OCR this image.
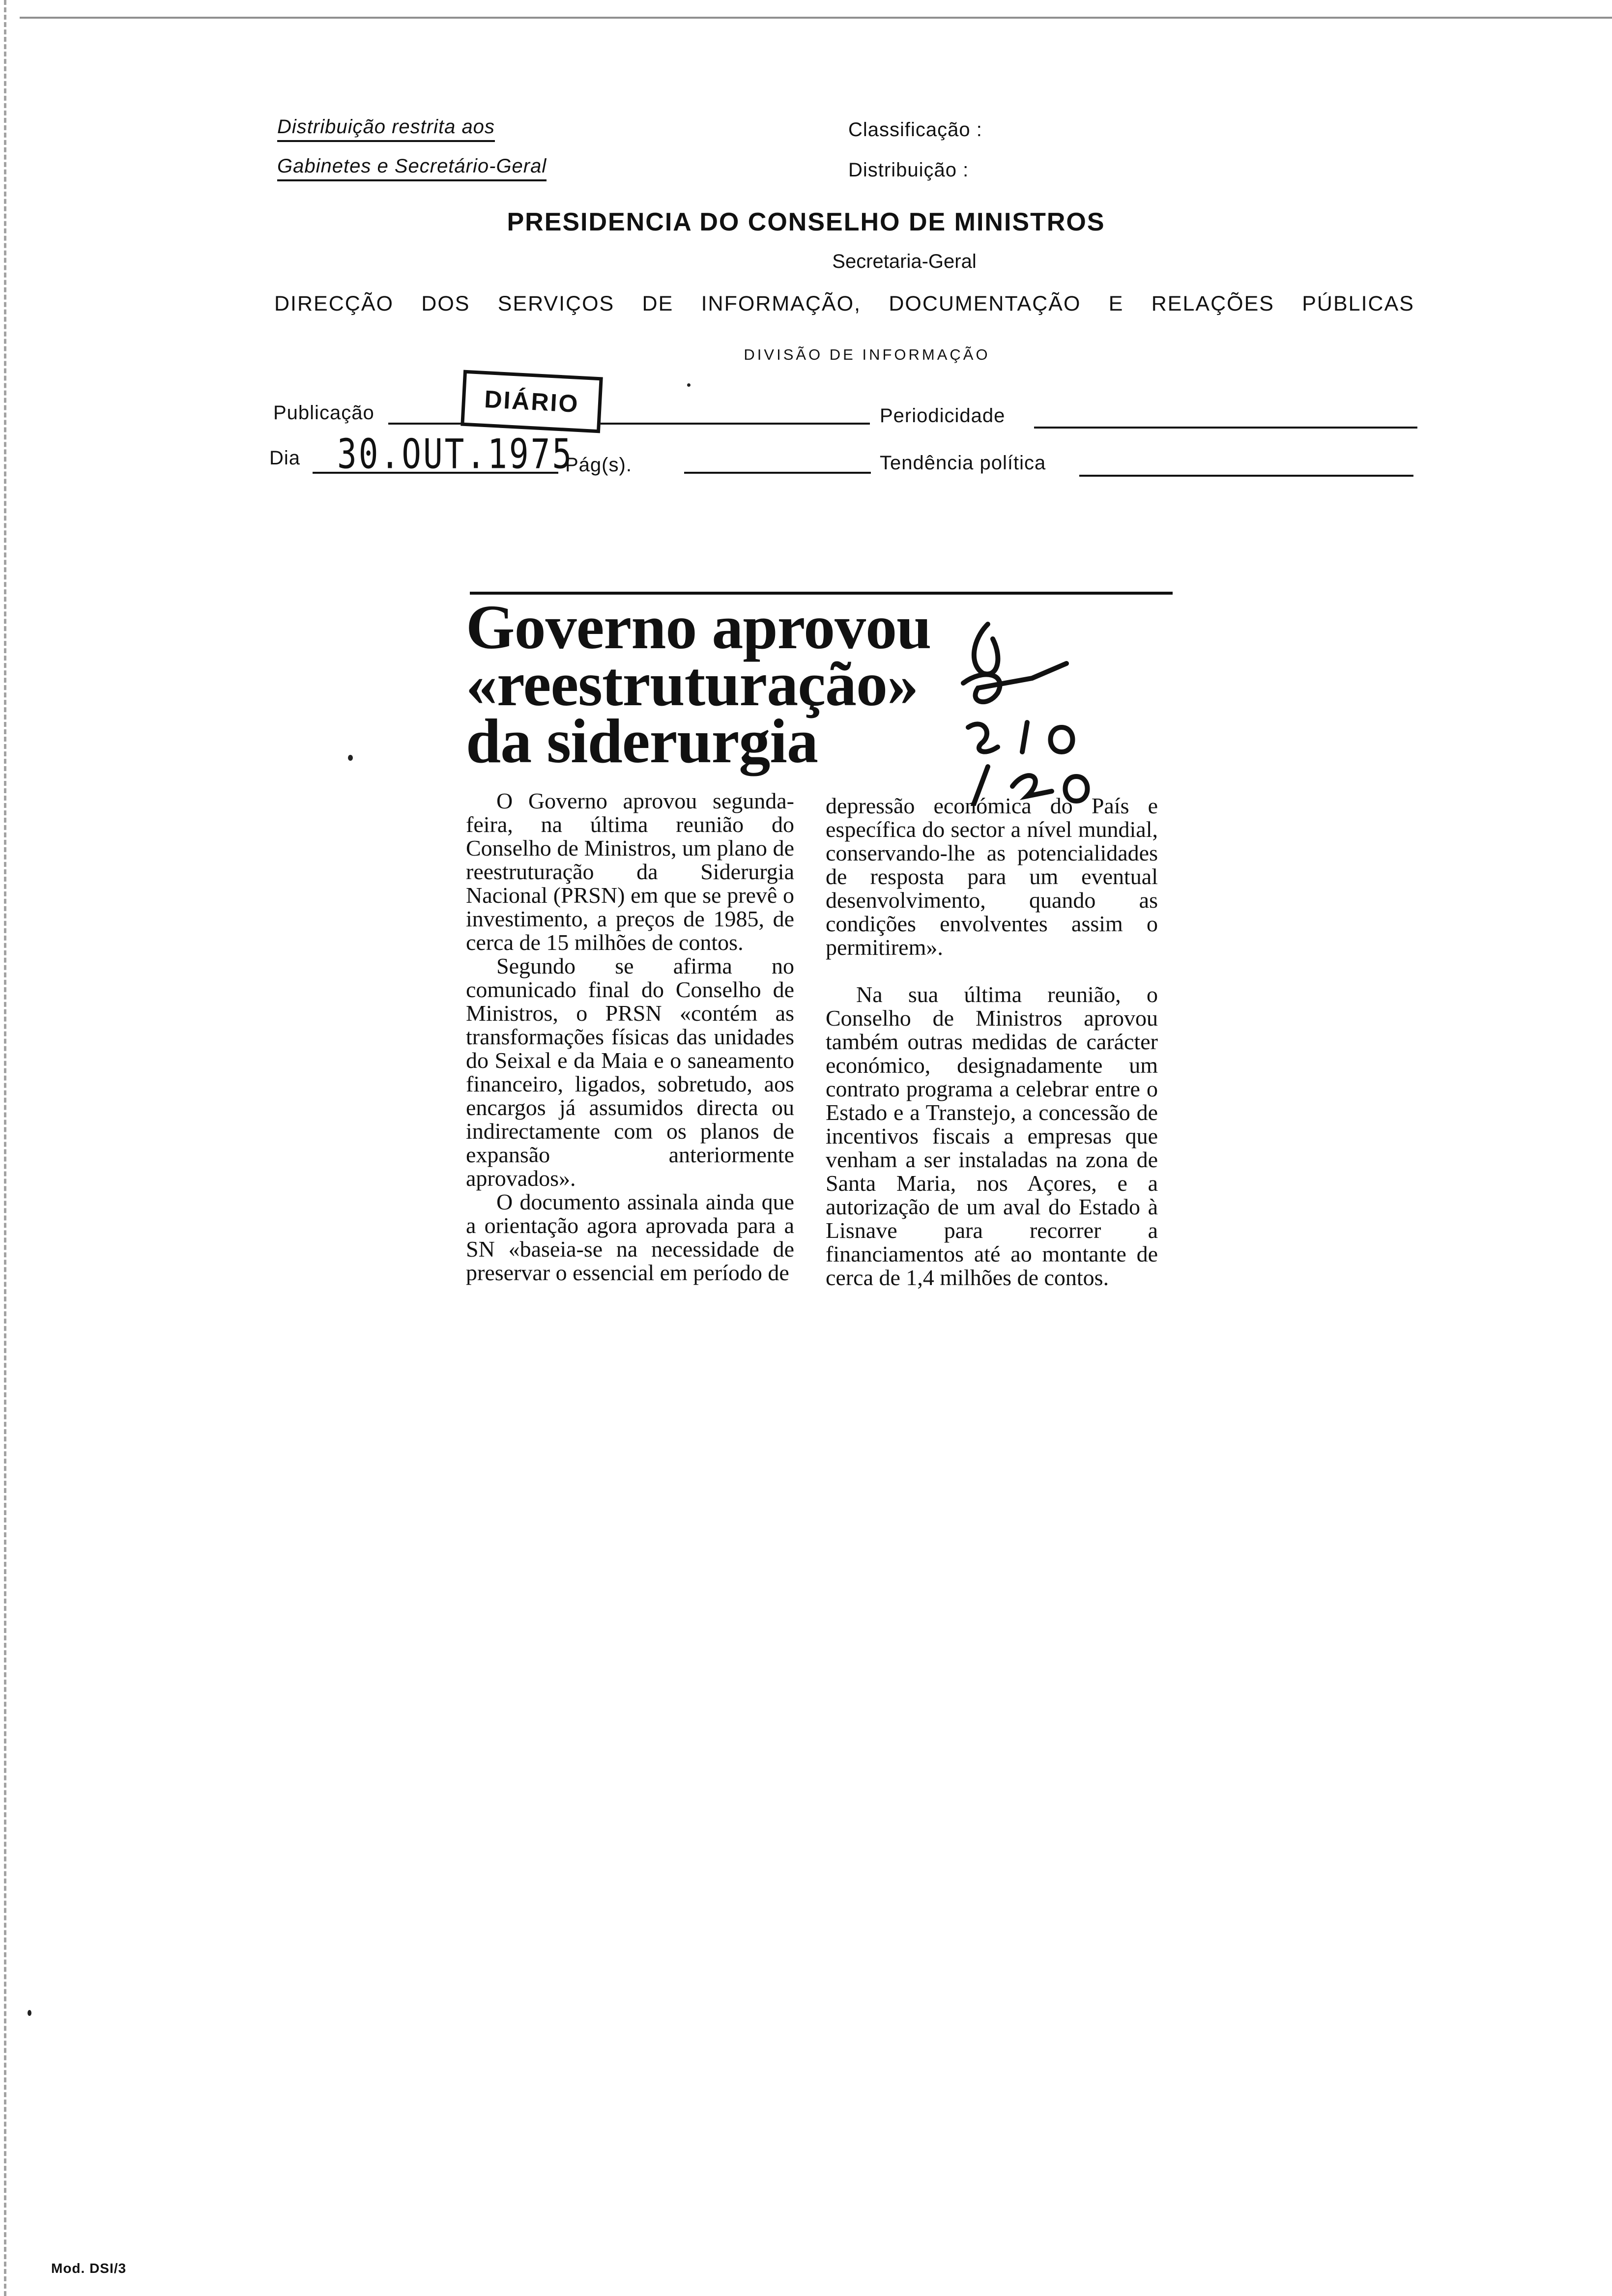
Distribuição restrita aos
Gabinetes e Secretário-Geral
Classificação :
Distribuição :
PRESIDENCIA DO CONSELHO DE MINISTROS
Secretaria-Geral
DIRECÇÃO DOS SERVIÇOS DE INFORMAÇÃO, DOCUMENTAÇÃO E RELAÇÕES PÚBLICAS
DIVISÃO DE INFORMAÇÃO
Publicação	DIÁRIO	Periodicidade
Dia 30.OUT.1975
Pág(s).	Tendência política
Governo aprovou
«reestruturação»
da siderurgia

O Governo aprovou segunda-feira, na última reunião do Conselho de Ministros, um plano de reestruturação da Siderurgia Nacional (PRSN) em que se prevê o investimento, a preços de 1985, de cerca de 15 milhões de contos.

Segundo se afirma no comunicado final do Conselho de Ministros, o PRSN «contém as transformações físicas das unidades do Seixal e da Maia e o saneamento financeiro, ligados, sobretudo, aos encargos já assumidos directa ou indirectamente com os planos de expansão anteriormente aprovados».

O documento assinala ainda que a orientação agora aprovada para a SN «baseia-se na necessidade de preservar o essencial em período de

depressão económica do País e específica do sector a nível mundial, conservando-lhe as potencialidades de resposta para um eventual desenvolvimento, quando as condições envolventes assim o permitirem».

Na sua última reunião, o Conselho de Ministros aprovou também outras medidas de carácter económico, designadamente um contrato programa a celebrar entre o Estado e a Transtejo, a concessão de incentivos fiscais a empresas que venham a ser instaladas na zona de Santa Maria, nos Açores, e a autorização de um aval do Estado à Lisnave para recorrer a financiamentos até ao montante de cerca de 1,4 milhões de contos.

Mod. DSI/3
